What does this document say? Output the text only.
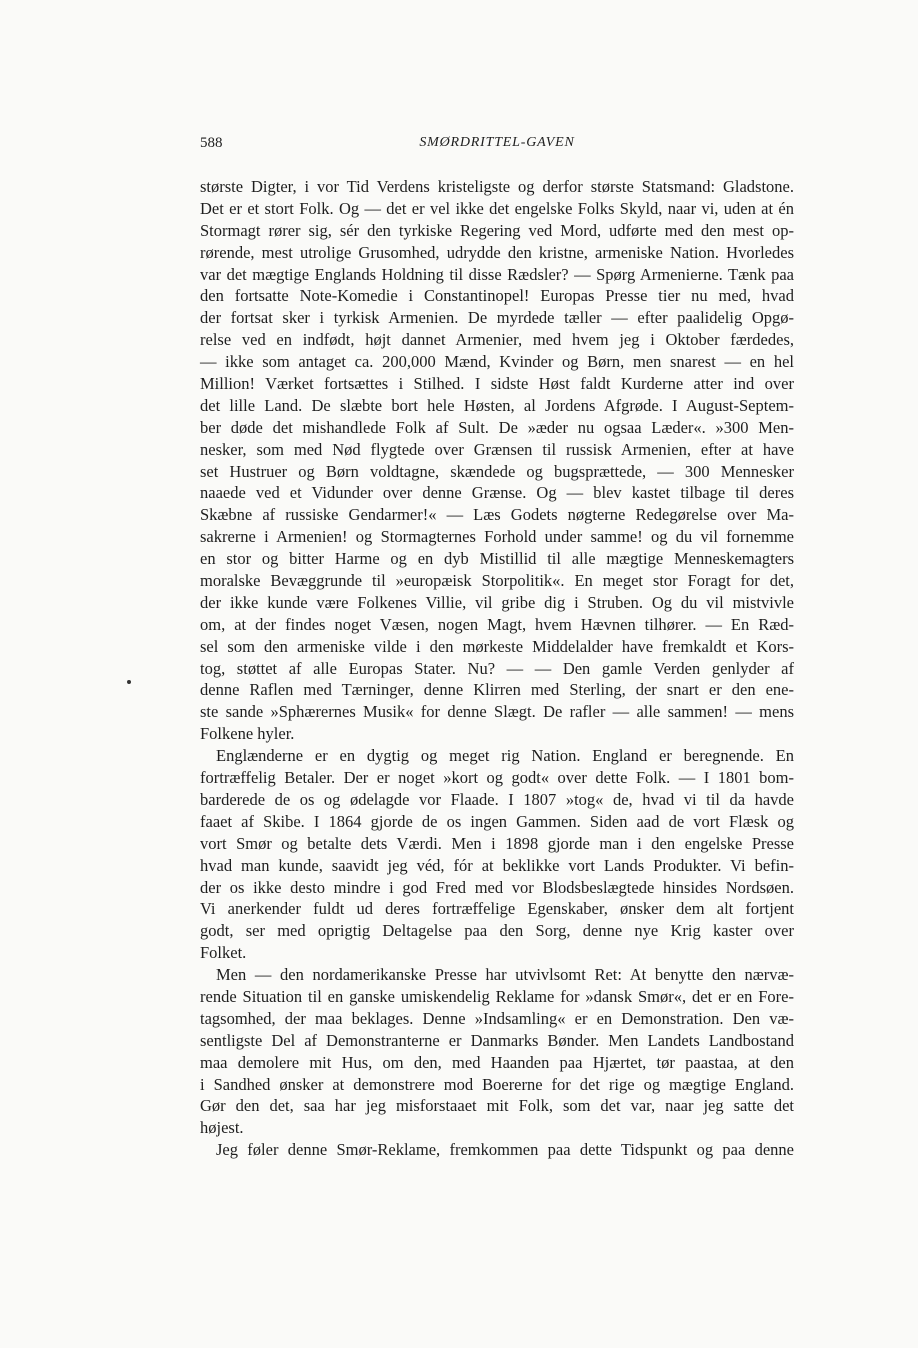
588	SMØRDRITTEL-GAVEN
største Digter, i vor Tid Verdens kristeligste og derfor største Statsmand: Gladstone.
Det er et stort Folk. Og — det er vel ikke det engelske Folks Skyld, naar vi, uden at én
Stormagt rører sig, sér den tyrkiske Regering ved Mord, udførte med den mest op-
rørende, mest utrolige Grusomhed, udrydde den kristne, armeniske Nation. Hvorledes
var det mægtige Englands Holdning til disse Rædsler? — Spørg Armenierne. Tænk paa
den fortsatte Note-Komedie i Constantinopel! Europas Presse tier nu med, hvad
der fortsat sker i tyrkisk Armenien. De myrdede tæller — efter paalidelig Opgø-
relse ved en indfødt, højt dannet Armenier, med hvem jeg i Oktober færdedes,
— ikke som antaget ca. 200,000 Mænd, Kvinder og Børn, men snarest — en hel
Million! Værket fortsættes i Stilhed. I sidste Høst faldt Kurderne atter ind over
det lille Land. De slæbte bort hele Høsten, al Jordens Afgrøde. I August-Septem-
ber døde det mishandlede Folk af Sult. De »æder nu ogsaa Læder«. »300 Men-
nesker, som med Nød flygtede over Grænsen til russisk Armenien, efter at have
set Hustruer og Børn voldtagne, skændede og bugsprættede, — 300 Mennesker
naaede ved et Vidunder over denne Grænse. Og — blev kastet tilbage til deres
Skæbne af russiske Gendarmer!« — Læs Godets nøgterne Redegørelse over Ma-
sakrerne i Armenien! og Stormagternes Forhold under samme! og du vil fornemme
en stor og bitter Harme og en dyb Mistillid til alle mægtige Menneskemagters
moralske Bevæggrunde til »europæisk Storpolitik«. En meget stor Foragt for det,
der ikke kunde være Folkenes Villie, vil gribe dig i Struben. Og du vil mistvivle
om, at der findes noget Væsen, nogen Magt, hvem Hævnen tilhører. — En Ræd-
sel som den armeniske vilde i den mørkeste Middelalder have fremkaldt et Kors-
tog, støttet af alle Europas Stater. Nu? — — Den gamle Verden genlyder af
denne Raflen med Tærninger, denne Klirren med Sterling, der snart er den ene-
ste sande »Sphærernes Musik« for denne Slægt. De rafler — alle sammen! — mens
Folkene hyler.
Englænderne er en dygtig og meget rig Nation. England er beregnende. En
fortræffelig Betaler. Der er noget »kort og godt« over dette Folk. — I 1801 bom-
barderede de os og ødelagde vor Flaade. I 1807 »tog« de, hvad vi til da havde
faaet af Skibe. I 1864 gjorde de os ingen Gammen. Siden aad de vort Flæsk og
vort Smør og betalte dets Værdi. Men i 1898 gjorde man i den engelske Presse
hvad man kunde, saavidt jeg véd, fór at beklikke vort Lands Produkter. Vi befin-
der os ikke desto mindre i god Fred med vor Blodsbeslægtede hinsides Nordsøen.
Vi anerkender fuldt ud deres fortræffelige Egenskaber, ønsker dem alt fortjent
godt, ser med oprigtig Deltagelse paa den Sorg, denne nye Krig kaster over
Folket.
Men — den nordamerikanske Presse har utvivlsomt Ret: At benytte den nærvæ-
rende Situation til en ganske umiskendelig Reklame for »dansk Smør«, det er en Fore-
tagsomhed, der maa beklages. Denne »Indsamling« er en Demonstration. Den væ-
sentligste Del af Demonstranterne er Danmarks Bønder. Men Landets Landbostand
maa demolere mit Hus, om den, med Haanden paa Hjærtet, tør paastaa, at den
i Sandhed ønsker at demonstrere mod Boererne for det rige og mægtige England.
Gør den det, saa har jeg misforstaaet mit Folk, som det var, naar jeg satte det
højest.
Jeg føler denne Smør-Reklame, fremkommen paa dette Tidspunkt og paa denne
